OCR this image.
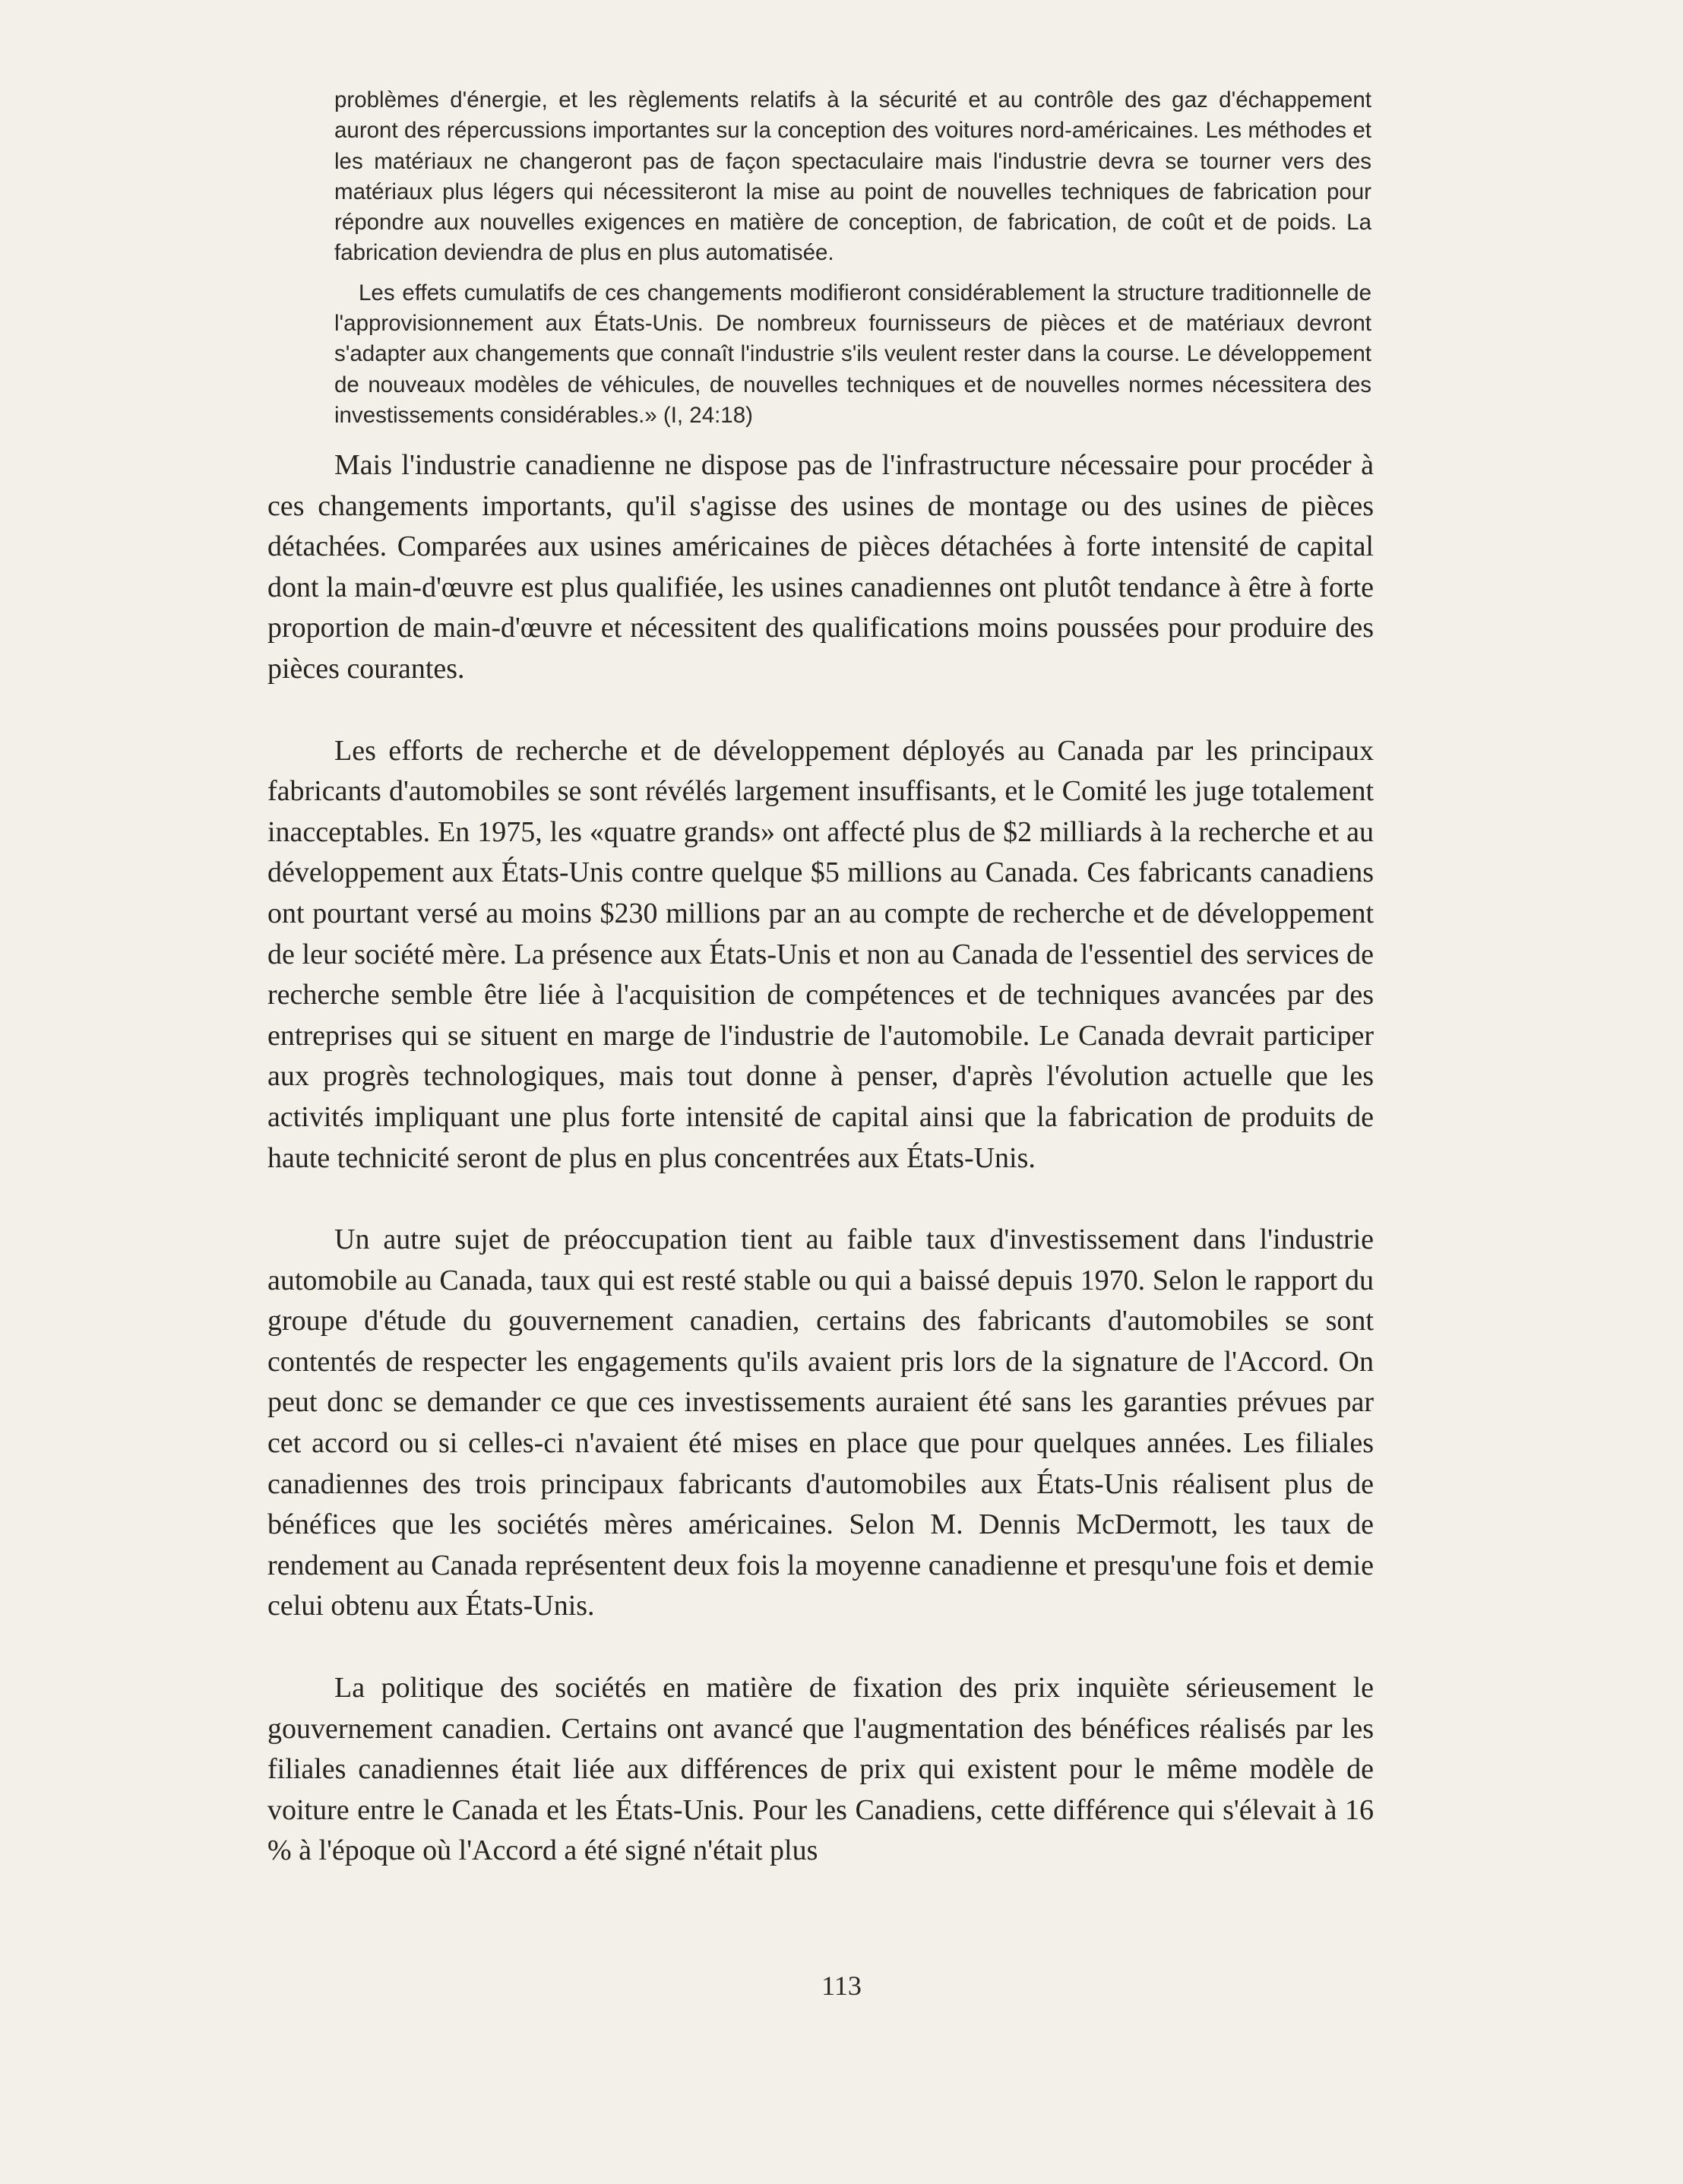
problèmes d'énergie, et les règlements relatifs à la sécurité et au contrôle des gaz d'échappement auront des répercussions importantes sur la conception des voitures nord-américaines. Les méthodes et les matériaux ne changeront pas de façon spectaculaire mais l'industrie devra se tourner vers des matériaux plus légers qui nécessiteront la mise au point de nouvelles techniques de fabrication pour répondre aux nouvelles exigences en matière de conception, de fabrication, de coût et de poids. La fabrication deviendra de plus en plus automatisée.

Les effets cumulatifs de ces changements modifieront considérablement la structure traditionnelle de l'approvisionnement aux États-Unis. De nombreux fournisseurs de pièces et de matériaux devront s'adapter aux changements que connaît l'industrie s'ils veulent rester dans la course. Le développement de nouveaux modèles de véhicules, de nouvelles techniques et de nouvelles normes nécessitera des investissements considérables.» (I, 24:18)

Mais l'industrie canadienne ne dispose pas de l'infrastructure nécessaire pour procéder à ces changements importants, qu'il s'agisse des usines de montage ou des usines de pièces détachées. Comparées aux usines américaines de pièces détachées à forte intensité de capital dont la main-d'œuvre est plus qualifiée, les usines canadiennes ont plutôt tendance à être à forte proportion de main-d'œuvre et nécessitent des qualifications moins poussées pour produire des pièces courantes.

Les efforts de recherche et de développement déployés au Canada par les principaux fabricants d'automobiles se sont révélés largement insuffisants, et le Comité les juge totalement inacceptables. En 1975, les «quatre grands» ont affecté plus de $2 milliards à la recherche et au développement aux États-Unis contre quelque $5 millions au Canada. Ces fabricants canadiens ont pourtant versé au moins $230 millions par an au compte de recherche et de développement de leur société mère. La présence aux États-Unis et non au Canada de l'essentiel des services de recherche semble être liée à l'acquisition de compétences et de techniques avancées par des entreprises qui se situent en marge de l'industrie de l'automobile. Le Canada devrait participer aux progrès technologiques, mais tout donne à penser, d'après l'évolution actuelle que les activités impliquant une plus forte intensité de capital ainsi que la fabrication de produits de haute technicité seront de plus en plus concentrées aux États-Unis.

Un autre sujet de préoccupation tient au faible taux d'investissement dans l'industrie automobile au Canada, taux qui est resté stable ou qui a baissé depuis 1970. Selon le rapport du groupe d'étude du gouvernement canadien, certains des fabricants d'automobiles se sont contentés de respecter les engagements qu'ils avaient pris lors de la signature de l'Accord. On peut donc se demander ce que ces investissements auraient été sans les garanties prévues par cet accord ou si celles-ci n'avaient été mises en place que pour quelques années. Les filiales canadiennes des trois principaux fabricants d'automobiles aux États-Unis réalisent plus de bénéfices que les sociétés mères américaines. Selon M. Dennis McDermott, les taux de rendement au Canada représentent deux fois la moyenne canadienne et presqu'une fois et demie celui obtenu aux États-Unis.

La politique des sociétés en matière de fixation des prix inquiète sérieusement le gouvernement canadien. Certains ont avancé que l'augmentation des bénéfices réalisés par les filiales canadiennes était liée aux différences de prix qui existent pour le même modèle de voiture entre le Canada et les États-Unis. Pour les Canadiens, cette différence qui s'élevait à 16 % à l'époque où l'Accord a été signé n'était plus

113
